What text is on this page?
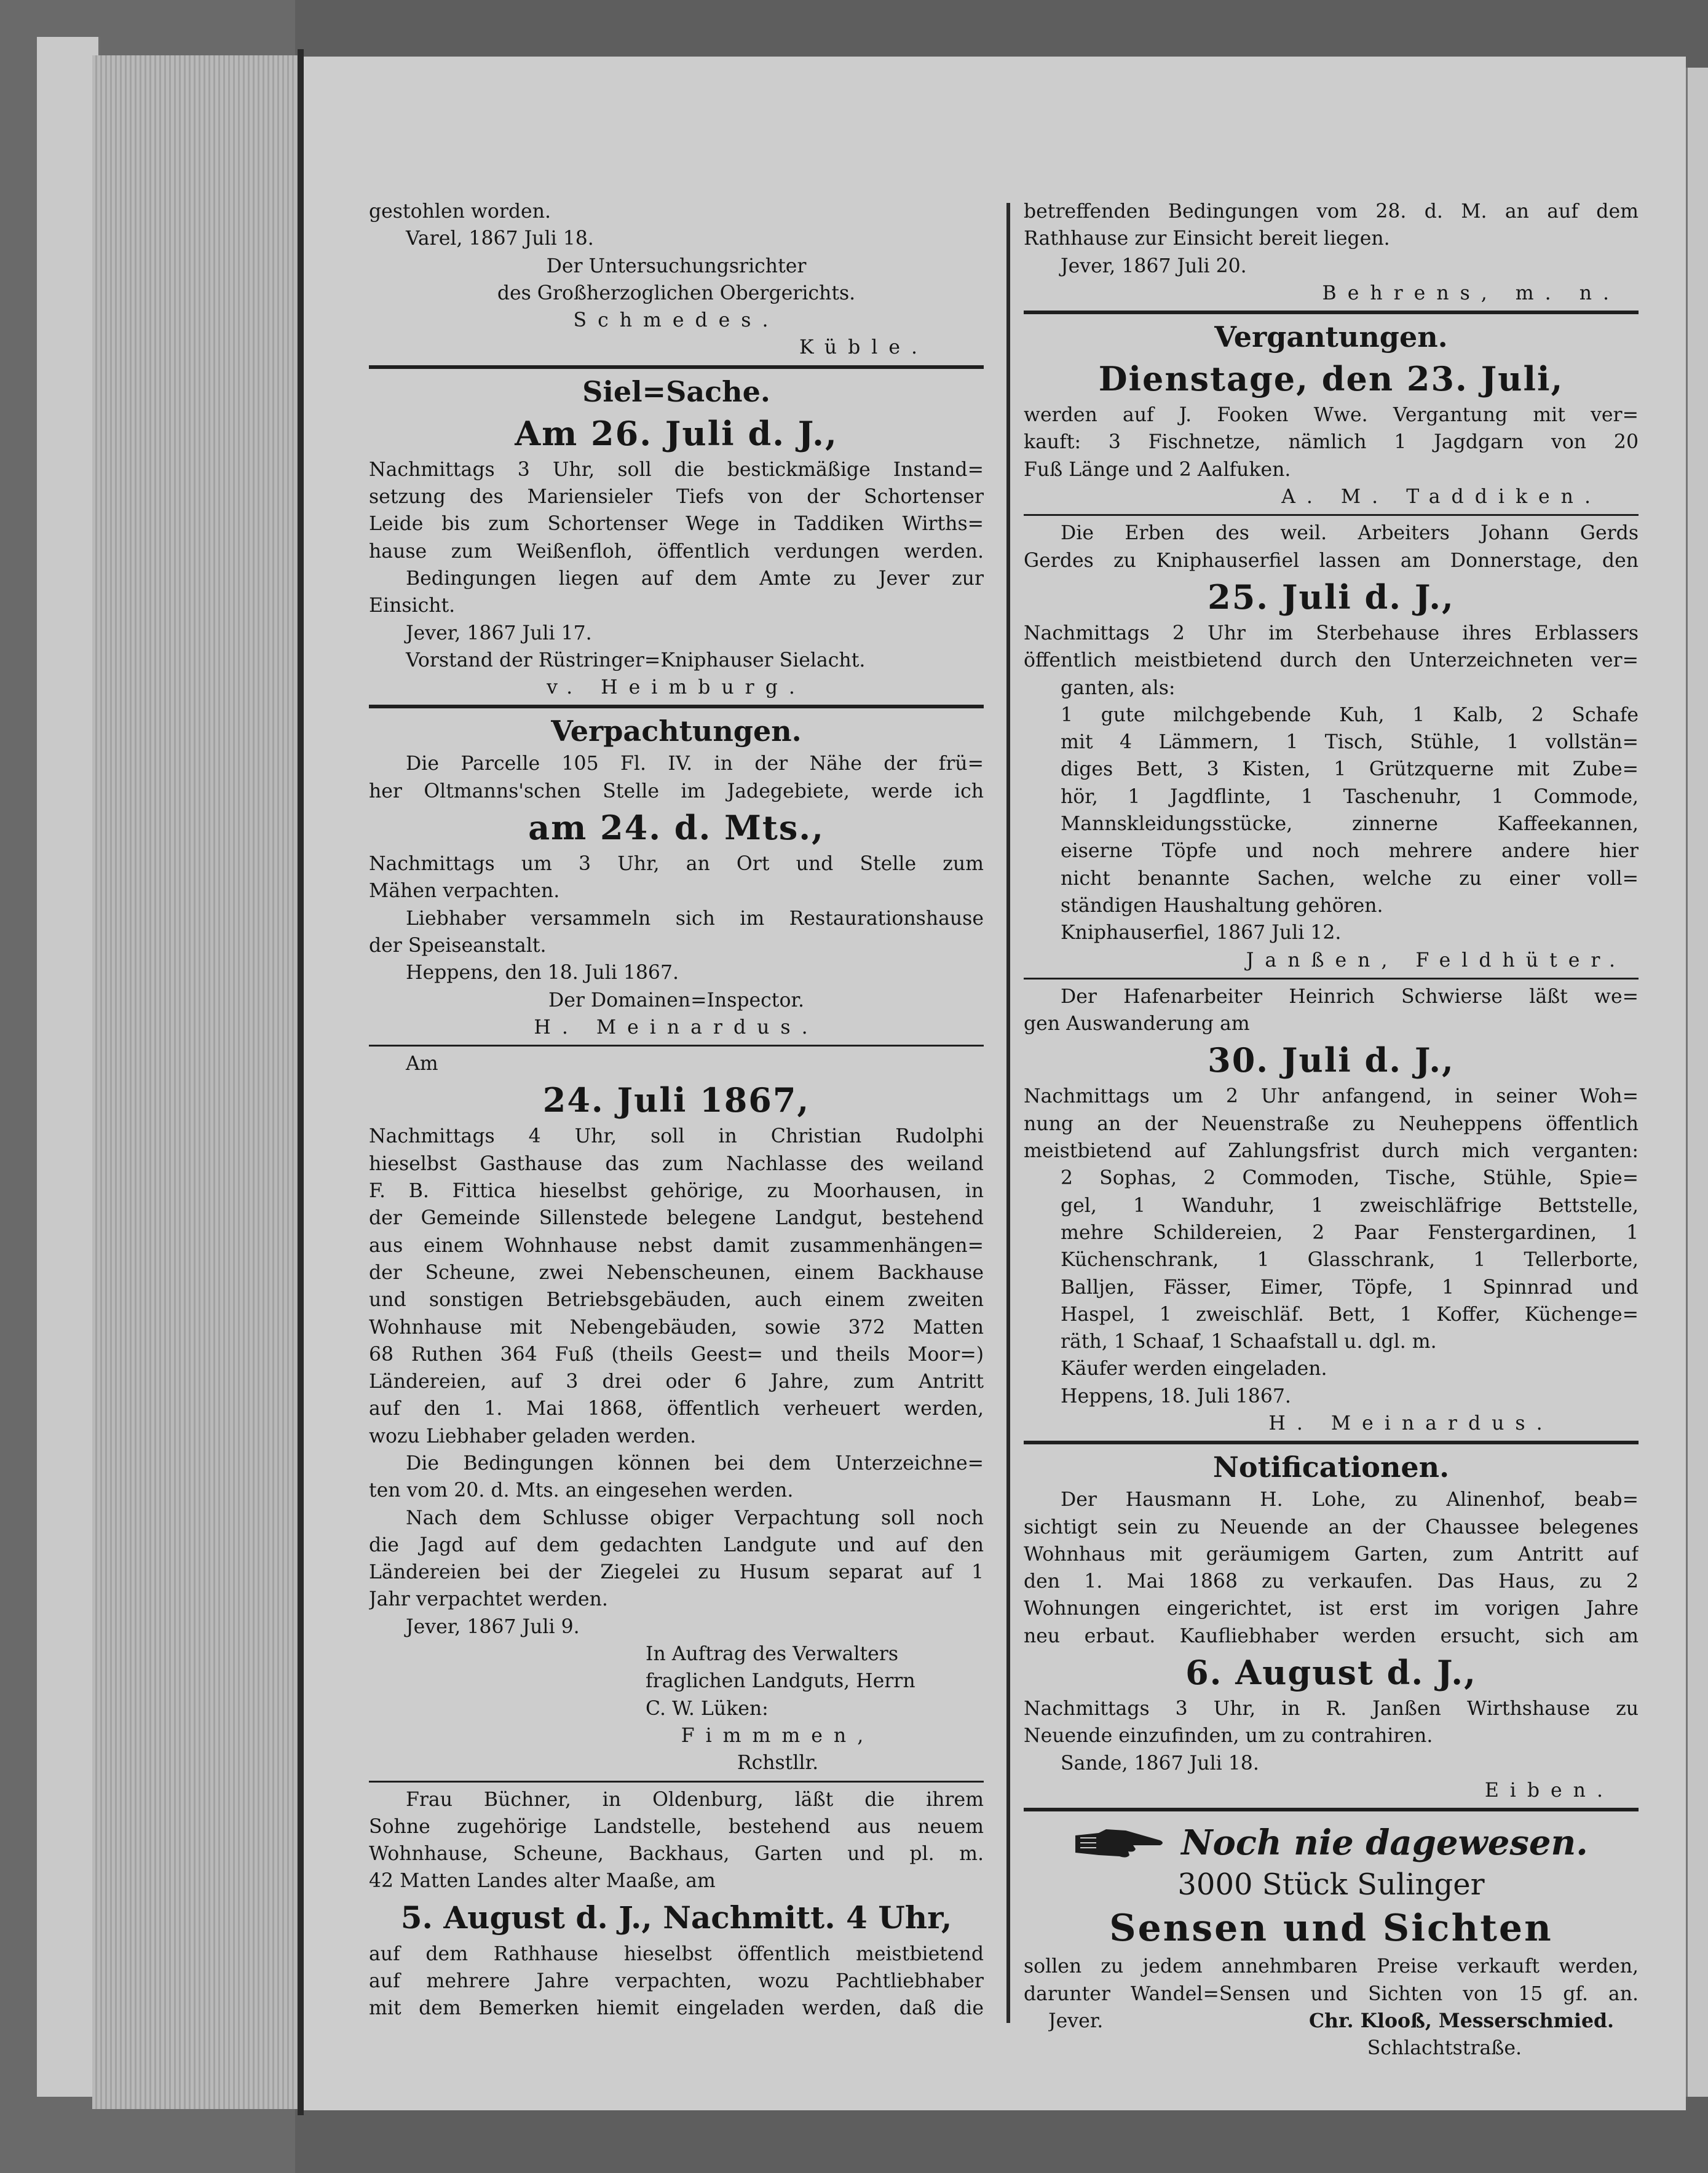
gestohlen worden.
Varel, 1867 Juli 18.
Der Untersuchungsrichter
des Großherzoglichen Obergerichts.
Schmedes.
Küble.
Siel=Sache.
Am 26. Juli d. J.,
Nachmittags 3 Uhr, soll die bestickmäßige Instand=
setzung des Mariensieler Tiefs von der Schortenser
Leide bis zum Schortenser Wege in Taddiken Wirths=
hause zum Weißenfloh, öffentlich verdungen werden.
Bedingungen liegen auf dem Amte zu Jever zur
Einsicht.
Jever, 1867 Juli 17.
Vorstand der Rüstringer=Kniphauser Sielacht.
v. Heimburg.
Verpachtungen.
Die Parcelle 105 Fl. IV. in der Nähe der frü=
her Oltmanns'schen Stelle im Jadegebiete, werde ich
am 24. d. Mts.,
Nachmittags um 3 Uhr, an Ort und Stelle zum
Mähen verpachten.
Liebhaber versammeln sich im Restaurationshause
der Speiseanstalt.
Heppens, den 18. Juli 1867.
Der Domainen=Inspector.
H. Meinardus.
Am
24. Juli 1867,
Nachmittags 4 Uhr, soll in Christian Rudolphi
hieselbst Gasthause das zum Nachlasse des weiland
F. B. Fittica hieselbst gehörige, zu Moorhausen, in
der Gemeinde Sillenstede belegene Landgut, bestehend
aus einem Wohnhause nebst damit zusammenhängen=
der Scheune, zwei Nebenscheunen, einem Backhause
und sonstigen Betriebsgebäuden, auch einem zweiten
Wohnhause mit Nebengebäuden, sowie 372 Matten
68 Ruthen 364 Fuß (theils Geest= und theils Moor=)
Ländereien, auf 3 drei oder 6 Jahre, zum Antritt
auf den 1. Mai 1868, öffentlich verheuert werden,
wozu Liebhaber geladen werden.
Die Bedingungen können bei dem Unterzeichne=
ten vom 20. d. Mts. an eingesehen werden.
Nach dem Schlusse obiger Verpachtung soll noch
die Jagd auf dem gedachten Landgute und auf den
Ländereien bei der Ziegelei zu Husum separat auf 1
Jahr verpachtet werden.
Jever, 1867 Juli 9.
In Auftrag des Verwalters
fraglichen Landguts, Herrn
C. W. Lüken:
Fimmmen,
Rchstllr.
Frau Büchner, in Oldenburg, läßt die ihrem
Sohne zugehörige Landstelle, bestehend aus neuem
Wohnhause, Scheune, Backhaus, Garten und pl. m.
42 Matten Landes alter Maaße, am
5. August d. J., Nachmitt. 4 Uhr,
auf dem Rathhause hieselbst öffentlich meistbietend
auf mehrere Jahre verpachten, wozu Pachtliebhaber
mit dem Bemerken hiemit eingeladen werden, daß die
betreffenden Bedingungen vom 28. d. M. an auf dem
Rathhause zur Einsicht bereit liegen.
Jever, 1867 Juli 20.
Behrens, m. n.
Vergantungen.
Dienstage, den 23. Juli,
werden auf J. Fooken Wwe. Vergantung mit ver=
kauft: 3 Fischnetze, nämlich 1 Jagdgarn von 20
Fuß Länge und 2 Aalfuken.
A. M. Taddiken.
Die Erben des weil. Arbeiters Johann Gerds
Gerdes zu Kniphauserfiel lassen am Donnerstage, den
25. Juli d. J.,
Nachmittags 2 Uhr im Sterbehause ihres Erblassers
öffentlich meistbietend durch den Unterzeichneten ver=
ganten, als:
1 gute milchgebende Kuh, 1 Kalb, 2 Schafe
mit 4 Lämmern, 1 Tisch, Stühle, 1 vollstän=
diges Bett, 3 Kisten, 1 Grützquerne mit Zube=
hör, 1 Jagdflinte, 1 Taschenuhr, 1 Commode,
Mannskleidungsstücke, zinnerne Kaffeekannen,
eiserne Töpfe und noch mehrere andere hier
nicht benannte Sachen, welche zu einer voll=
ständigen Haushaltung gehören.
Kniphauserfiel, 1867 Juli 12.
Janßen, Feldhüter.
Der Hafenarbeiter Heinrich Schwierse läßt we=
gen Auswanderung am
30. Juli d. J.,
Nachmittags um 2 Uhr anfangend, in seiner Woh=
nung an der Neuenstraße zu Neuheppens öffentlich
meistbietend auf Zahlungsfrist durch mich verganten:
2 Sophas, 2 Commoden, Tische, Stühle, Spie=
gel, 1 Wanduhr, 1 zweischläfrige Bettstelle,
mehre Schildereien, 2 Paar Fenstergardinen, 1
Küchenschrank, 1 Glasschrank, 1 Tellerborte,
Balljen, Fässer, Eimer, Töpfe, 1 Spinnrad und
Haspel, 1 zweischläf. Bett, 1 Koffer, Küchenge=
räth, 1 Schaaf, 1 Schaafstall u. dgl. m.
Käufer werden eingeladen.
Heppens, 18. Juli 1867.
H. Meinardus.
Notificationen.
Der Hausmann H. Lohe, zu Alinenhof, beab=
sichtigt sein zu Neuende an der Chaussee belegenes
Wohnhaus mit geräumigem Garten, zum Antritt auf
den 1. Mai 1868 zu verkaufen. Das Haus, zu 2
Wohnungen eingerichtet, ist erst im vorigen Jahre
neu erbaut. Kaufliebhaber werden ersucht, sich am
6. August d. J.,
Nachmittags 3 Uhr, in R. Janßen Wirthshause zu
Neuende einzufinden, um zu contrahiren.
Sande, 1867 Juli 18.
Eiben.
Noch nie dagewesen.
3000 Stück Sulinger
Sensen und Sichten
sollen zu jedem annehmbaren Preise verkauft werden,
darunter Wandel=Sensen und Sichten von 15 gf. an.
Jever.	Chr. Klooß, Messerschmied.
Schlachtstraße.
